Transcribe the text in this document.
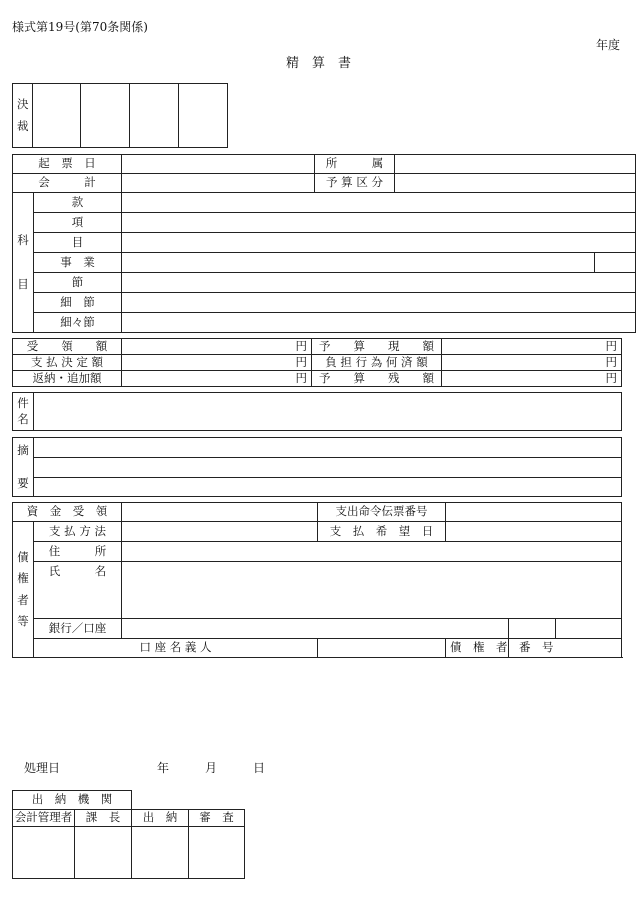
様式第19号(第70条関係)
年度
精　算　書
決
裁

起　票　日			所　　　属		
会　　　計			予 算 区 分		

科
目	款				
	項				
	目				
	事　業				
	節				
	細　節				
	細々節				
受　　領　　額	円	予　　算　　現　　額	円
支 払 決 定 額	円	負 担 行 為 何 済 額	円
返納・追加額	円	予　　算　　残　　額	円
件
名

摘
要

資　金　受　領			支出命令伝票番号			

債
権
者
等	支 払 方 法		支　払　希　望　日			
	住　　　所					
	氏　　　名					
	銀行／口座					
	口 座 名 義 人			債　権　者　番　号		
処理日	年	月	日
出　納　機　関			
会計管理者	課　長	出　納	審　査
